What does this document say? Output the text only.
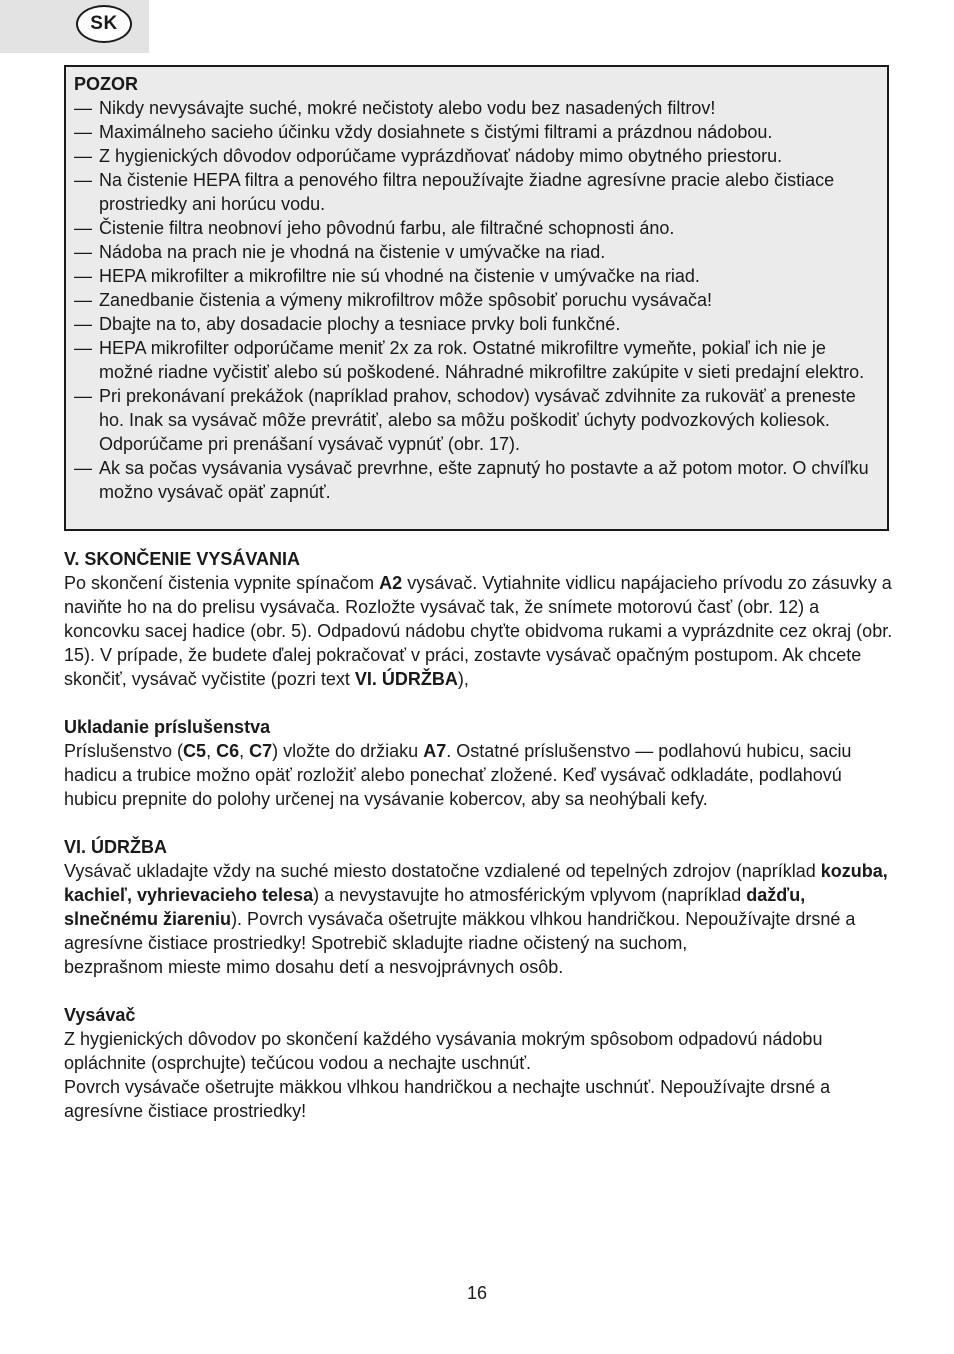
SK
POZOR
— Nikdy nevysávajte suché, mokré nečistoty alebo vodu bez nasadených filtrov!
— Maximálneho sacieho účinku vždy dosiahnete s čistými filtrami a prázdnou nádobou.
— Z hygienických dôvodov odporúčame vyprázdňovať nádoby mimo obytného priestoru.
— Na čistenie HEPA filtra a penového filtra nepoužívajte žiadne agresívne pracie alebo čistiace prostriedky ani horúcu vodu.
— Čistenie filtra neobnoví jeho pôvodnú farbu, ale filtračné schopnosti áno.
— Nádoba na prach nie je vhodná na čistenie v umývačke na riad.
— HEPA mikrofilter a mikrofiltre nie sú vhodné na čistenie v umývačke na riad.
— Zanedbanie čistenia a výmeny mikrofiltrov môže spôsobiť poruchu vysávača!
— Dbajte na to, aby dosadacie plochy a tesniace prvky boli funkčné.
— HEPA mikrofilter odporúčame meniť 2x za rok. Ostatné mikrofiltre vymeňte, pokiaľ ich nie je možné riadne vyčistiť alebo sú poškodené. Náhradné mikrofiltre zakúpite v sieti predajní elektro.
— Pri prekonávaní prekážok (napríklad prahov, schodov) vysávač zdvihnite za rukoväť a preneste ho. Inak sa vysávač môže prevrátiť, alebo sa môžu poškodiť úchyty podvozkových koliesok. Odporúčame pri prenášaní vysávač vypnúť (obr. 17).
— Ak sa počas vysávania vysávač prevrhne, ešte zapnutý ho postavte a až potom motor. O chvíľku možno vysávač opäť zapnúť.

V. SKONČENIE VYSÁVANIA

Po skončení čistenia vypnite spínačom A2 vysávač. Vytiahnite vidlicu napájacieho prívodu zo zásuvky a naviňte ho na do prelisu vysávača. Rozložte vysávač tak, že snímete motorovú časť (obr. 12) a koncovku sacej hadice (obr. 5). Odpadovú nádobu chyťte obidvoma rukami a vyprázdnite cez okraj (obr. 15). V prípade, že budete ďalej pokračovať v práci, zostavte vysávač opačným postupom. Ak chcete skončiť, vysávač vyčistite (pozri text VI. ÚDRŽBA),

Ukladanie príslušenstva

Príslušenstvo (C5, C6, C7) vložte do držiaku A7. Ostatné príslušenstvo — podlahovú hubicu, saciu hadicu a trubice možno opäť rozložiť alebo ponechať zložené. Keď vysávač odkladáte, podlahovú hubicu prepnite do polohy určenej na vysávanie kobercov, aby sa neohýbali kefy.

VI. ÚDRŽBA

Vysávač ukladajte vždy na suché miesto dostatočne vzdialené od tepelných zdrojov (napríklad kozuba, kachieľ, vyhrievacieho telesa) a nevystavujte ho atmosférickým vplyvom (napríklad dažďu, slnečnému žiareniu). Povrch vysávača ošetrujte mäkkou vlhkou handričkou. Nepoužívajte drsné a agresívne čistiace prostriedky! Spotrebič skladujte riadne očistený na suchom,

bezprašnom mieste mimo dosahu detí a nesvojprávnych osôb.

Vysávač

Z hygienických dôvodov po skončení každého vysávania mokrým spôsobom odpadovú nádobu opláchnite (osprchujte) tečúcou vodou a nechajte uschnúť.

Povrch vysávače ošetrujte mäkkou vlhkou handričkou a nechajte uschnúť. Nepoužívajte drsné a agresívne čistiace prostriedky!

16
